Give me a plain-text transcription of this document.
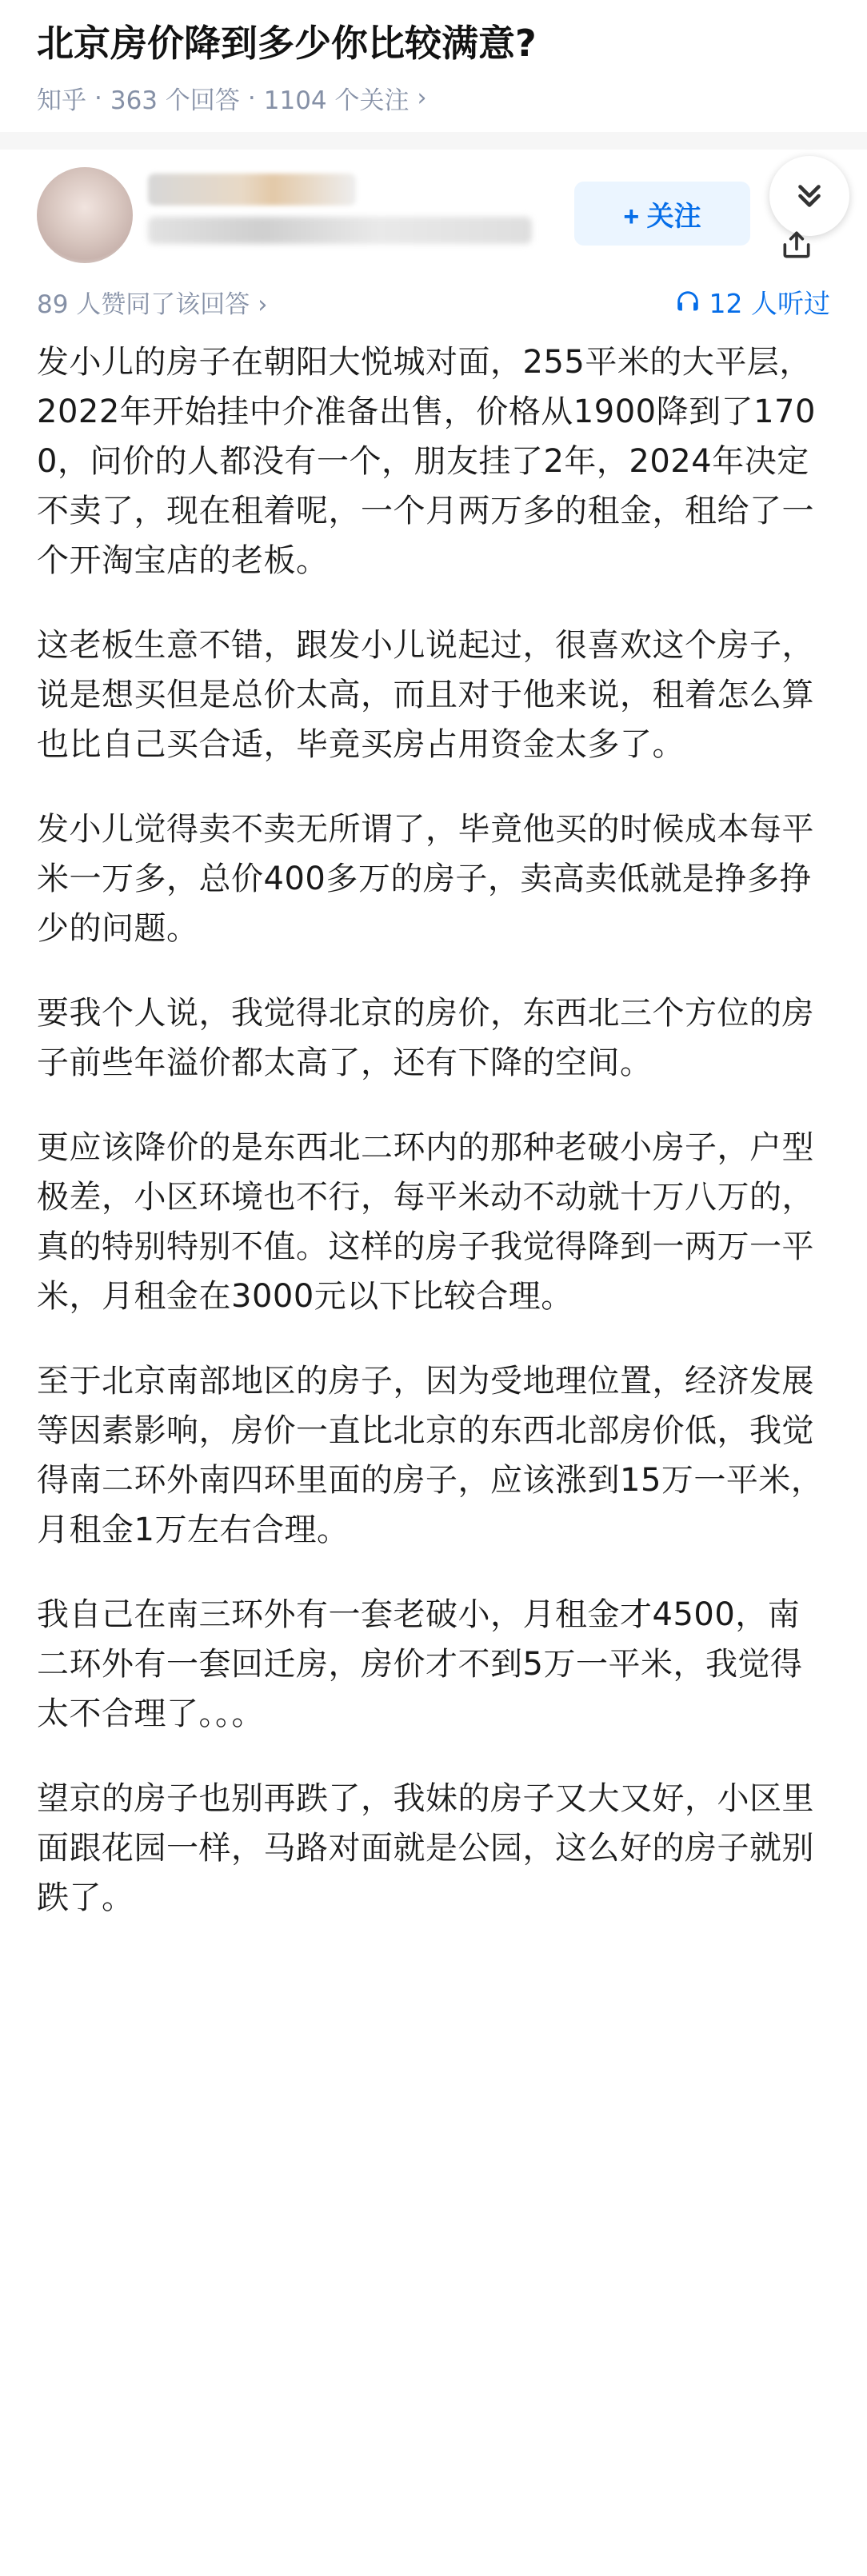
北京房价降到多少你比较满意?
知乎 · 363 个回答 · 1104 个关注 ›
+ 关注
89 人赞同了该回答 ›	12 人听过

发小儿的房子在朝阳大悦城对面，255平米的大平层，2022年开始挂中介准备出售，价格从1900降到了1700，问价的人都没有一个，朋友挂了2年，2024年决定不卖了，现在租着呢，一个月两万多的租金，租给了一个开淘宝店的老板。

这老板生意不错，跟发小儿说起过，很喜欢这个房子，说是想买但是总价太高，而且对于他来说，租着怎么算也比自己买合适，毕竟买房占用资金太多了。

发小儿觉得卖不卖无所谓了，毕竟他买的时候成本每平米一万多，总价400多万的房子，卖高卖低就是挣多挣少的问题。

要我个人说，我觉得北京的房价，东西北三个方位的房子前些年溢价都太高了，还有下降的空间。

更应该降价的是东西北二环内的那种老破小房子，户型极差，小区环境也不行，每平米动不动就十万八万的，真的特别特别不值。这样的房子我觉得降到一两万一平米，月租金在3000元以下比较合理。

至于北京南部地区的房子，因为受地理位置，经济发展等因素影响，房价一直比北京的东西北部房价低，我觉得南二环外南四环里面的房子，应该涨到15万一平米，月租金1万左右合理。

我自己在南三环外有一套老破小，月租金才4500，南二环外有一套回迁房，房价才不到5万一平米，我觉得太不合理了。。。

望京的房子也别再跌了，我妹的房子又大又好，小区里面跟花园一样，马路对面就是公园，这么好的房子就别跌了。
